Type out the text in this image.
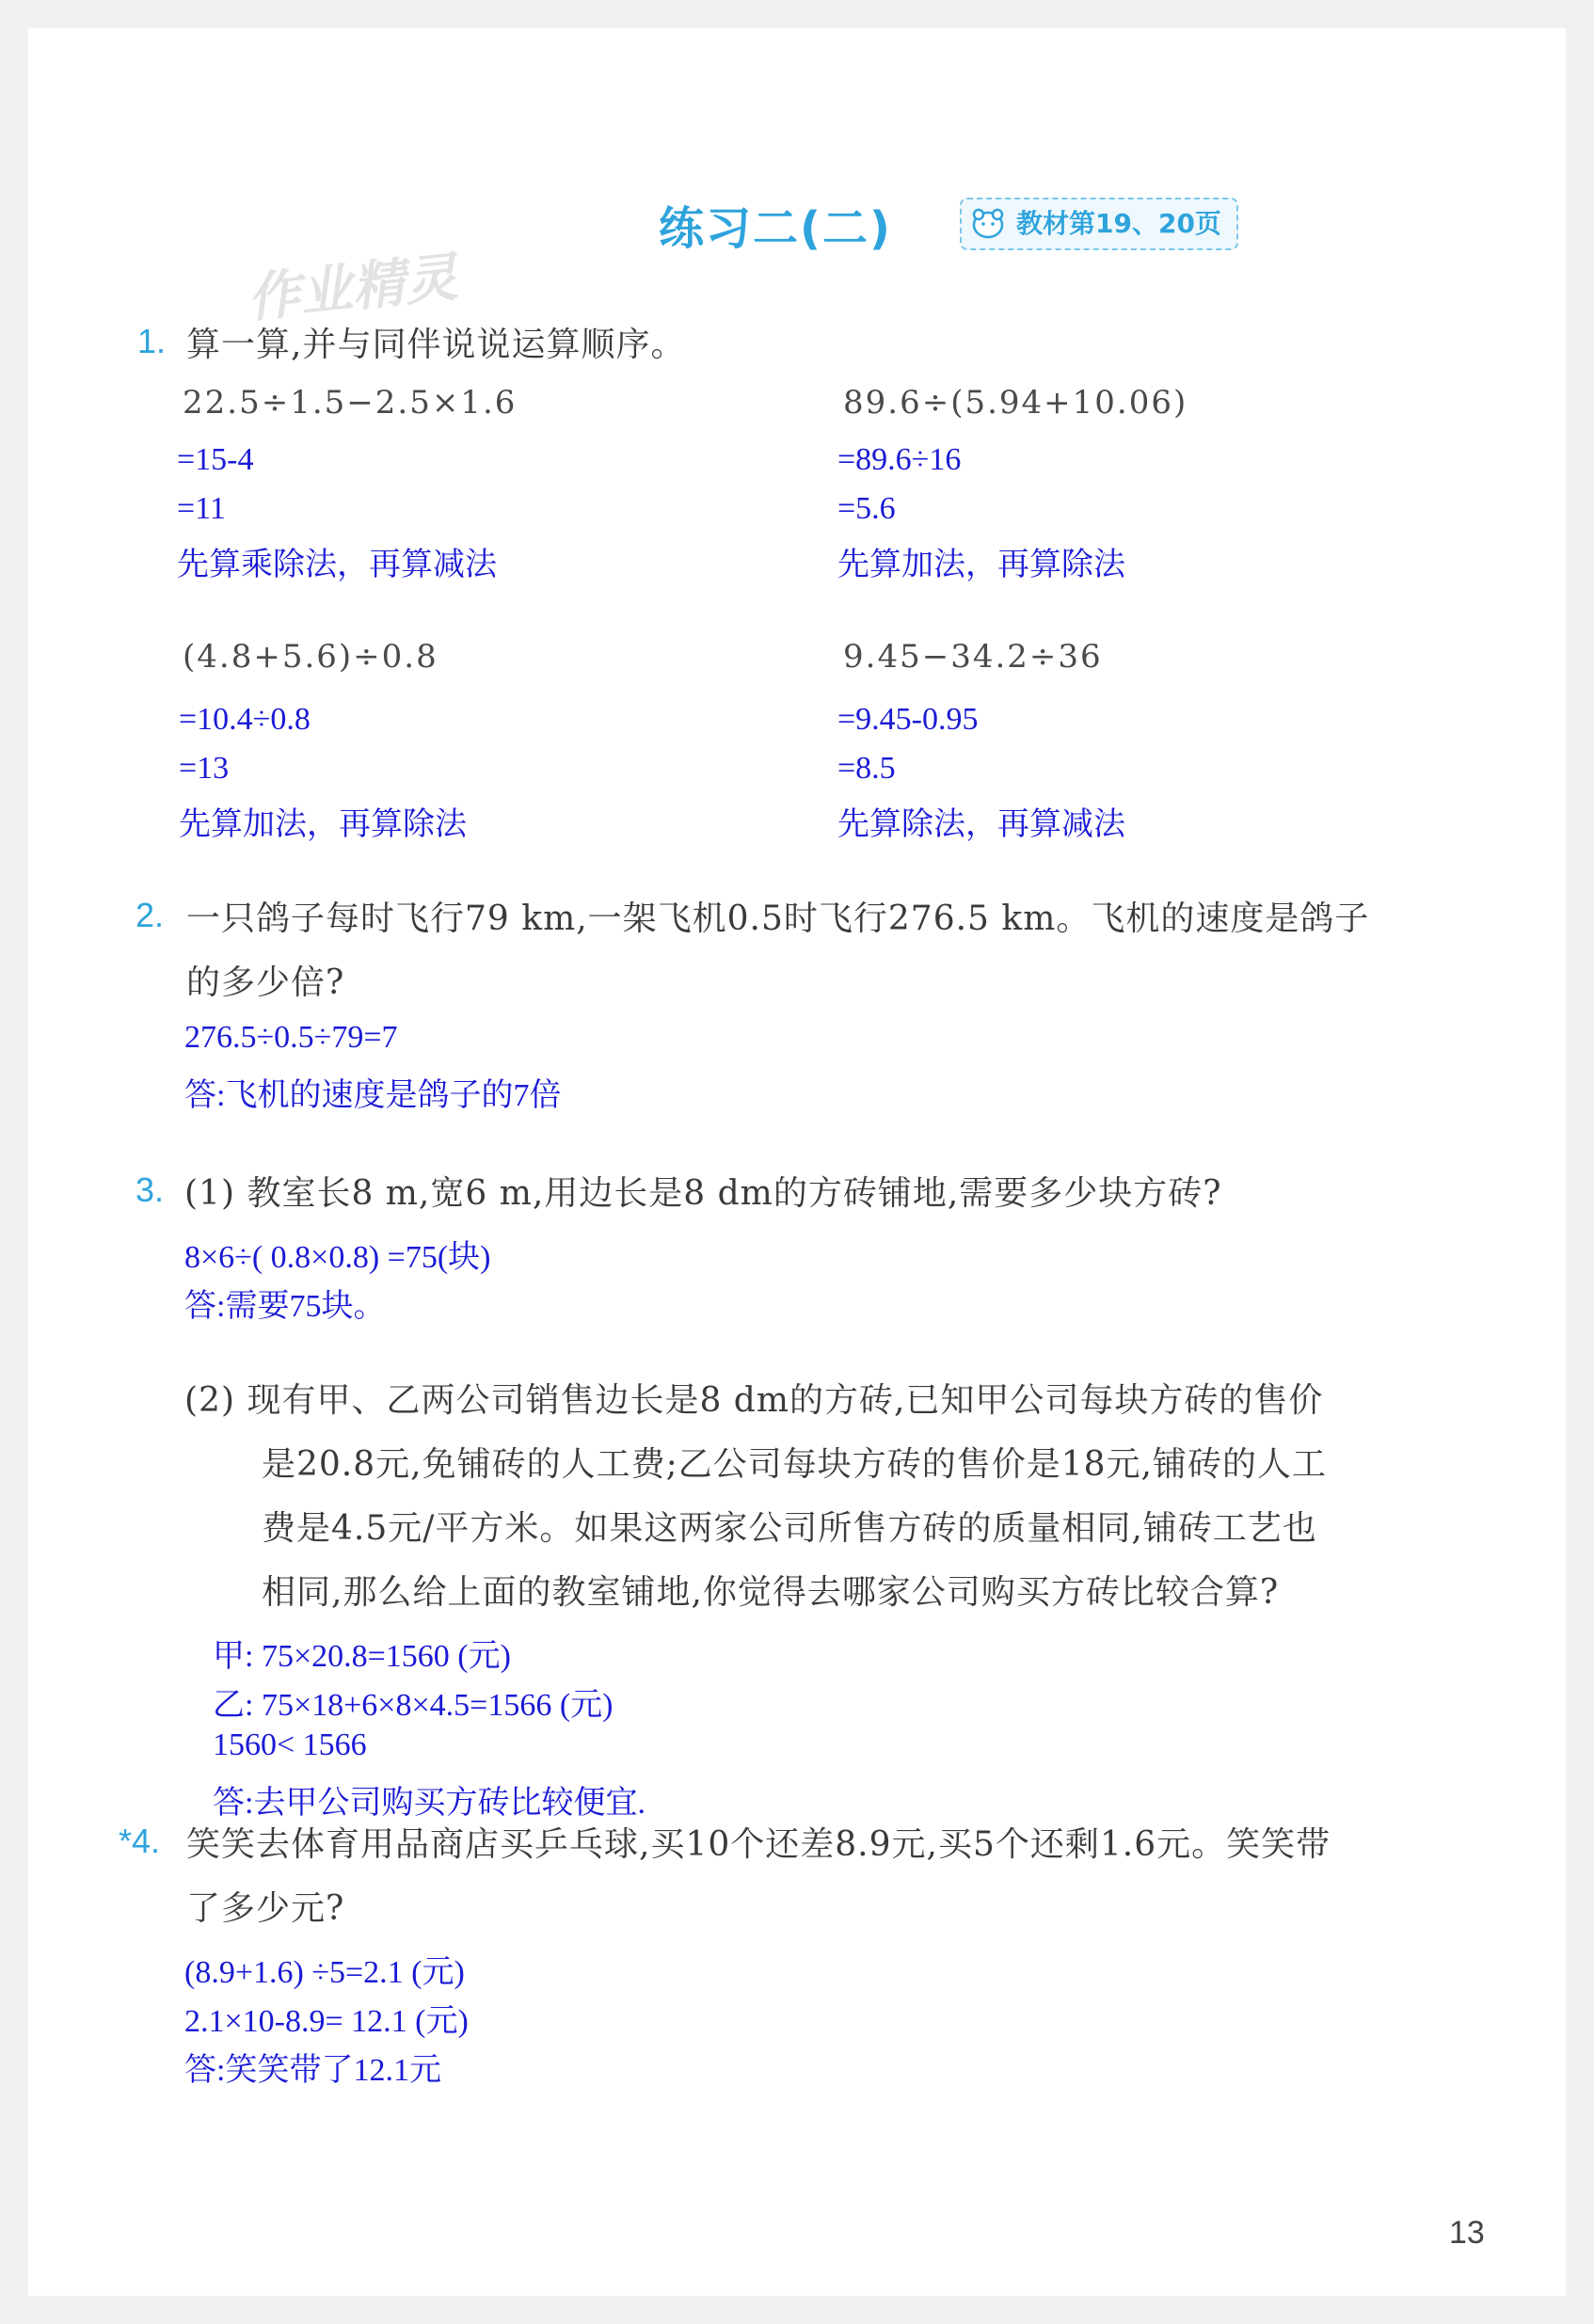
练习二(二)	教材第19、20页
作业精灵
1. 算一算,并与同伴说说运算顺序。
22.5÷1.5−2.5×1.6
=15-4
=11
先算乘除法，再算减法
89.6÷(5.94+10.06)
=89.6÷16
=5.6
先算加法，再算除法
(4.8+5.6)÷0.8
=10.4÷0.8
=13
先算加法，再算除法
9.45−34.2÷36
=9.45-0.95
=8.5
先算除法，再算减法
2. 一只鸽子每时飞行79 km,一架飞机0.5时飞行276.5 km。飞机的速度是鸽子
的多少倍?
276.5÷0.5÷79=7
答:飞机的速度是鸽子的7倍
3. (1) 教室长8 m,宽6 m,用边长是8 dm的方砖铺地,需要多少块方砖?
8×6÷( 0.8×0.8) =75(块)
答:需要75块。
(2) 现有甲、乙两公司销售边长是8 dm的方砖,已知甲公司每块方砖的售价
是20.8元,免铺砖的人工费;乙公司每块方砖的售价是18元,铺砖的人工
费是4.5元/平方米。如果这两家公司所售方砖的质量相同,铺砖工艺也
相同,那么给上面的教室铺地,你觉得去哪家公司购买方砖比较合算?
甲: 75×20.8=1560 (元)
乙: 75×18+6×8×4.5=1566 (元)
1560< 1566
答:去甲公司购买方砖比较便宜.
*4. 笑笑去体育用品商店买乒乓球,买10个还差8.9元,买5个还剩1.6元。笑笑带
了多少元?
(8.9+1.6) ÷5=2.1 (元)
2.1×10-8.9= 12.1 (元)
答:笑笑带了12.1元
13
